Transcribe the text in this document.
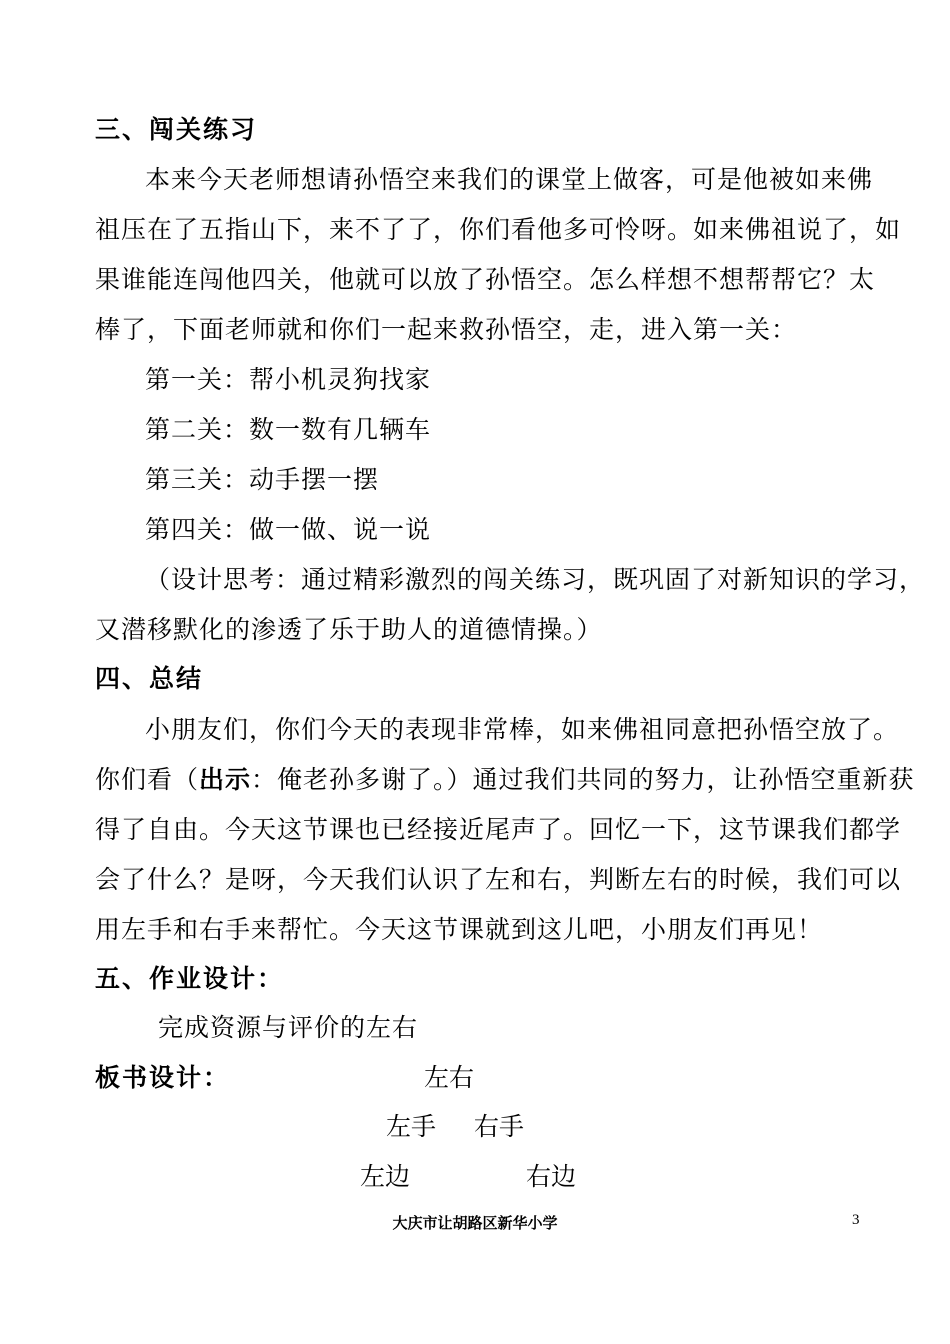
三、闯关练习
本来今天老师想请孙悟空来我们的课堂上做客，可是他被如来佛
祖压在了五指山下，来不了了，你们看他多可怜呀。如来佛祖说了，如
果谁能连闯他四关，他就可以放了孙悟空。怎么样想不想帮帮它？太
棒了，下面老师就和你们一起来救孙悟空，走，进入第一关：
第一关：帮小机灵狗找家
第二关：数一数有几辆车
第三关：动手摆一摆
第四关：做一做、说一说
（设计思考：通过精彩激烈的闯关练习，既巩固了对新知识的学习，
又潜移默化的渗透了乐于助人的道德情操。）
四、总结
小朋友们，你们今天的表现非常棒，如来佛祖同意把孙悟空放了。
你们看（出示：俺老孙多谢了。）通过我们共同的努力，让孙悟空重新获
得了自由。今天这节课也已经接近尾声了。回忆一下，这节课我们都学
会了什么？是呀，今天我们认识了左和右，判断左右的时候，我们可以
用左手和右手来帮忙。今天这节课就到这儿吧，小朋友们再见！
五、作业设计：
完成资源与评价的左右
板书设计：	左右
左手 右手
左边	右边
大庆市让胡路区新华小学	3
